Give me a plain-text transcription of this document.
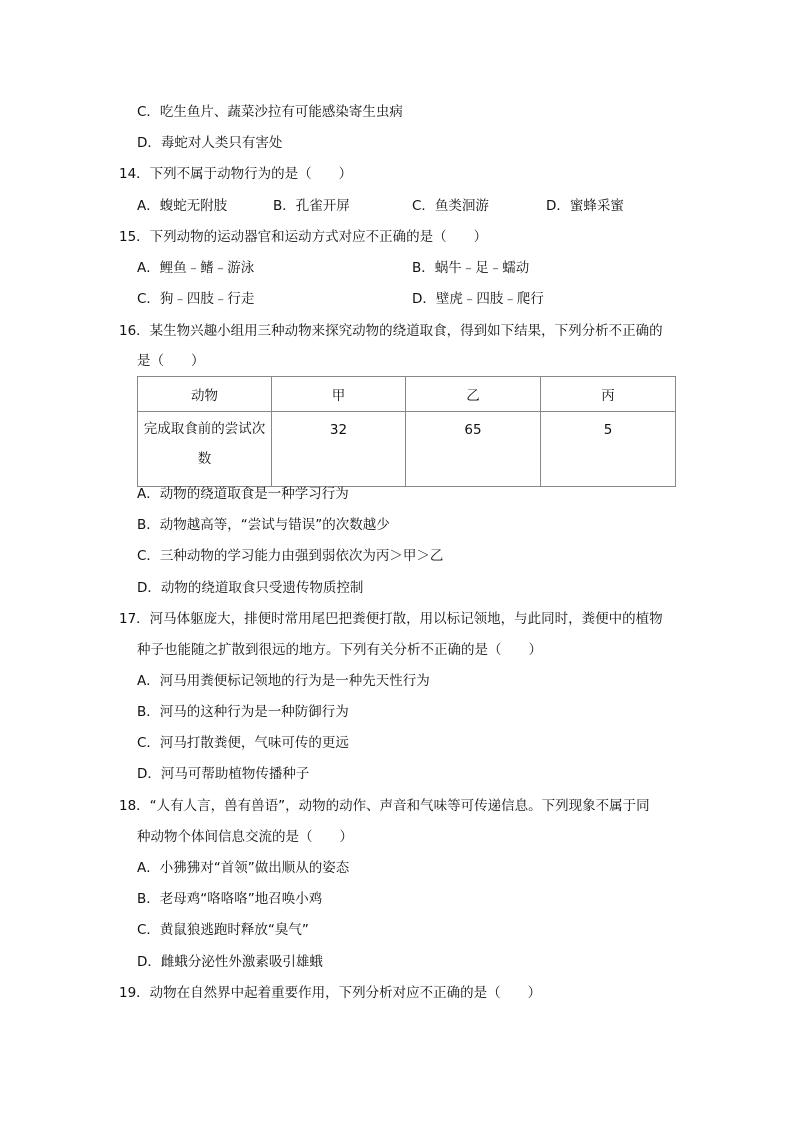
C．吃生鱼片、蔬菜沙拉有可能感染寄生虫病
D．毒蛇对人类只有害处
14．下列不属于动物行为的是（　　）
A．蝮蛇无附肢	B．孔雀开屏	C．鱼类洄游	D．蜜蜂采蜜
15．下列动物的运动器官和运动方式对应不正确的是（　　）
A．鲤鱼﹣鳍﹣游泳	B．蜗牛﹣足﹣蠕动
C．狗﹣四肢﹣行走	D．壁虎﹣四肢﹣爬行
16．某生物兴趣小组用三种动物来探究动物的绕道取食，得到如下结果，下列分析不正确的
是（　　）
动物	甲	乙	丙
完成取食前的尝试次
数	32	65	5
A．动物的绕道取食是一种学习行为
B．动物越高等，“尝试与错误”的次数越少
C．三种动物的学习能力由强到弱依次为丙＞甲＞乙
D．动物的绕道取食只受遗传物质控制
17．河马体躯庞大，排便时常用尾巴把粪便打散，用以标记领地，与此同时，粪便中的植物
种子也能随之扩散到很远的地方。下列有关分析不正确的是（　　）
A．河马用粪便标记领地的行为是一种先天性行为
B．河马的这种行为是一种防御行为
C．河马打散粪便，气味可传的更远
D．河马可帮助植物传播种子
18．“人有人言，兽有兽语”，动物的动作、声音和气味等可传递信息。下列现象不属于同
种动物个体间信息交流的是（　　）
A．小狒狒对“首领”做出顺从的姿态
B．老母鸡“咯咯咯”地召唤小鸡
C．黄鼠狼逃跑时释放“臭气”
D．雌蛾分泌性外激素吸引雄蛾
19．动物在自然界中起着重要作用，下列分析对应不正确的是（　　）
